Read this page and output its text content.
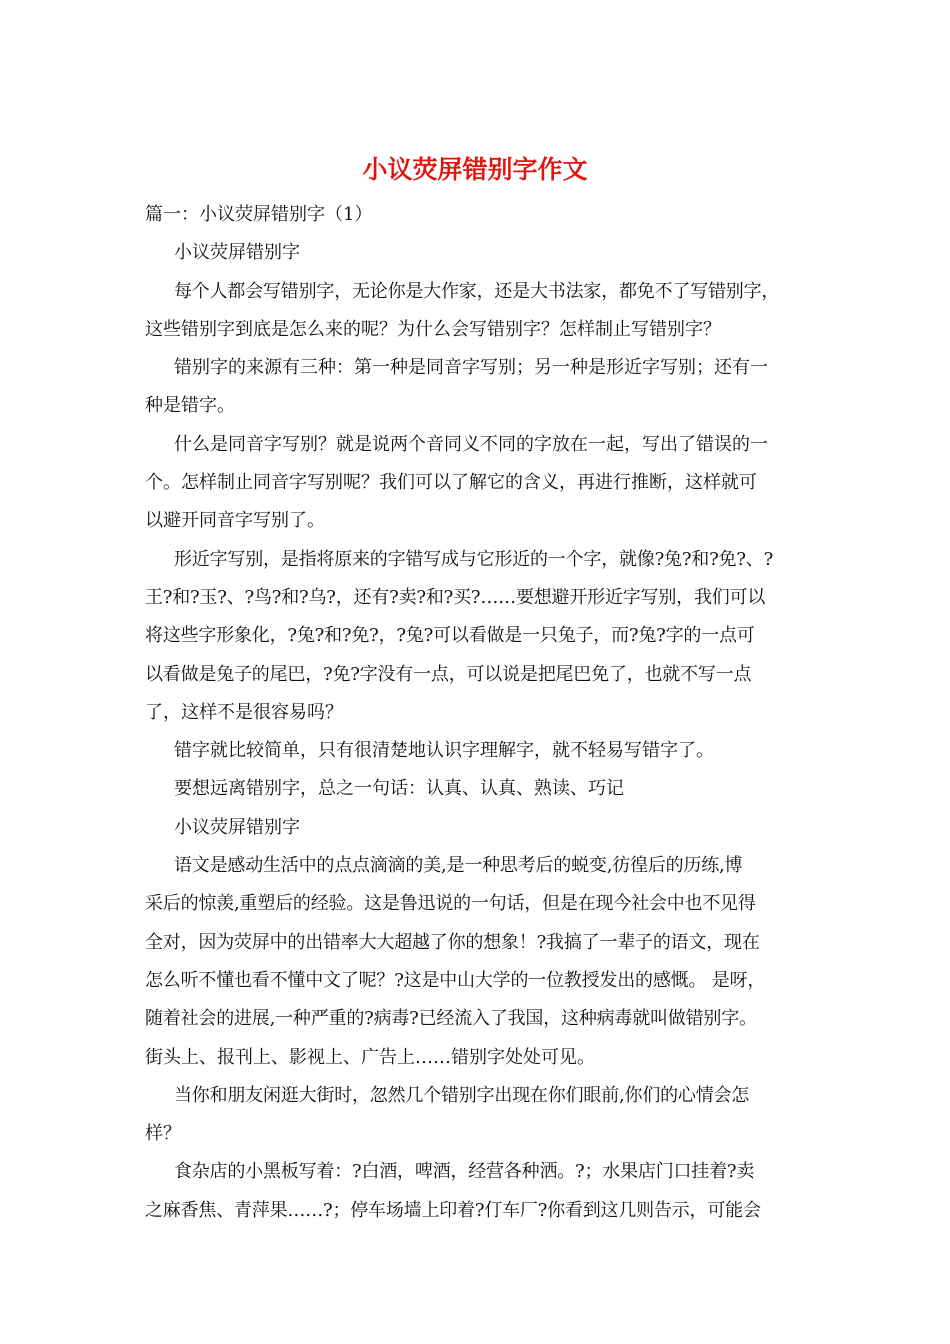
小议荧屏错别字作文
篇一：小议荧屏错别字（1）
小议荧屏错别字
每个人都会写错别字，无论你是大作家，还是大书法家，都免不了写错别字，
这些错别字到底是怎么来的呢？为什么会写错别字？怎样制止写错别字？
错别字的来源有三种：第一种是同音字写别；另一种是形近字写别；还有一
种是错字。
什么是同音字写别？就是说两个音同义不同的字放在一起，写出了错误的一
个。怎样制止同音字写别呢？我们可以了解它的含义，再进行推断，这样就可
以避开同音字写别了。
形近字写别，是指将原来的字错写成与它形近的一个字，就像?兔?和?免?、?
王?和?玉?、?鸟?和?乌?，还有?卖?和?买?……要想避开形近字写别，我们可以
将这些字形象化，?兔?和?免?，?兔?可以看做是一只兔子，而?兔?字的一点可
以看做是兔子的尾巴，?免?字没有一点，可以说是把尾巴免了，也就不写一点
了，这样不是很容易吗？
错字就比较简单，只有很清楚地认识字理解字，就不轻易写错字了。
要想远离错别字，总之一句话：认真、认真、熟读、巧记
小议荧屏错别字
语文是感动生活中的点点滴滴的美,是一种思考后的蜕变,彷徨后的历练,博
采后的惊羡,重塑后的经验。这是鲁迅说的一句话，但是在现今社会中也不见得
全对，因为荧屏中的出错率大大超越了你的想象！?我搞了一辈子的语文，现在
怎么听不懂也看不懂中文了呢？?这是中山大学的一位教授发出的感慨。 是呀，
随着社会的进展,一种严重的?病毒?已经流入了我国，这种病毒就叫做错别字。
街头上、报刊上、影视上、广告上……错别字处处可见。
当你和朋友闲逛大街时，忽然几个错别字出现在你们眼前,你们的心情会怎
样？
食杂店的小黑板写着：?白酒，啤酒，经营各种洒。?；水果店门口挂着?卖
之麻香焦、青萍果……?；停车场墙上印着?仃车厂?你看到这几则告示，可能会
